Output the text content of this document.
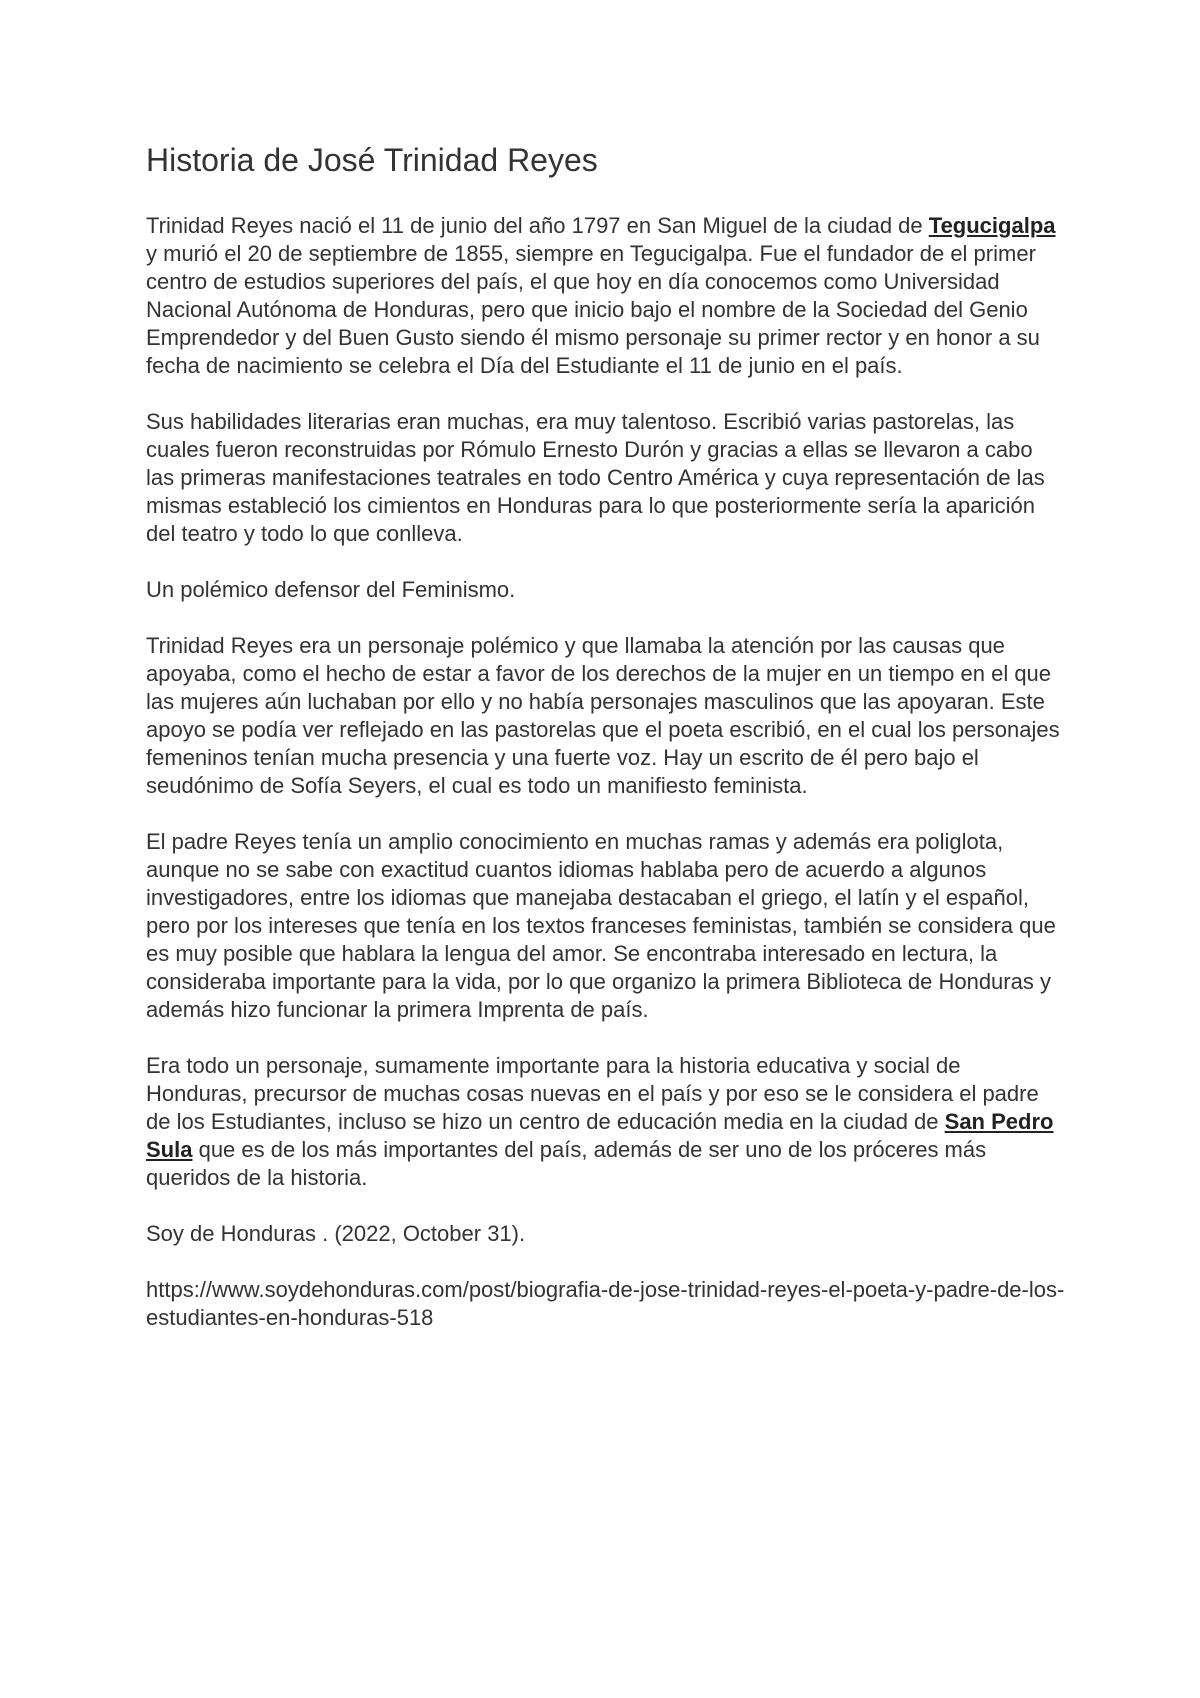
Historia de José Trinidad Reyes

Trinidad Reyes nació el 11 de junio del año 1797 en San Miguel de la ciudad de Tegucigalpa y murió el 20 de septiembre de 1855, siempre en Tegucigalpa. Fue el fundador de el primer centro de estudios superiores del país, el que hoy en día conocemos como Universidad Nacional Autónoma de Honduras, pero que inicio bajo el nombre de la Sociedad del Genio Emprendedor y del Buen Gusto siendo él mismo personaje su primer rector y en honor a su fecha de nacimiento se celebra el Día del Estudiante el 11 de junio en el país.

Sus habilidades literarias eran muchas, era muy talentoso. Escribió varias pastorelas, las cuales fueron reconstruidas por Rómulo Ernesto Durón y gracias a ellas se llevaron a cabo las primeras manifestaciones teatrales en todo Centro América y cuya representación de las mismas estableció los cimientos en Honduras para lo que posteriormente sería la aparición del teatro y todo lo que conlleva.

Un polémico defensor del Feminismo.

Trinidad Reyes era un personaje polémico y que llamaba la atención por las causas que apoyaba, como el hecho de estar a favor de los derechos de la mujer en un tiempo en el que las mujeres aún luchaban por ello y no había personajes masculinos que las apoyaran. Este apoyo se podía ver reflejado en las pastorelas que el poeta escribió, en el cual los personajes femeninos tenían mucha presencia y una fuerte voz. Hay un escrito de él pero bajo el seudónimo de Sofía Seyers, el cual es todo un manifiesto feminista.

El padre Reyes tenía un amplio conocimiento en muchas ramas y además era poliglota, aunque no se sabe con exactitud cuantos idiomas hablaba pero de acuerdo a algunos investigadores, entre los idiomas que manejaba destacaban el griego, el latín y el español, pero por los intereses que tenía en los textos franceses feministas, también se considera que es muy posible que hablara la lengua del amor. Se encontraba interesado en lectura, la consideraba importante para la vida, por lo que organizo la primera Biblioteca de Honduras y además hizo funcionar la primera Imprenta de país.

Era todo un personaje, sumamente importante para la historia educativa y social de Honduras, precursor de muchas cosas nuevas en el país y por eso se le considera el padre de los Estudiantes, incluso se hizo un centro de educación media en la ciudad de San Pedro Sula que es de los más importantes del país, además de ser uno de los próceres más queridos de la historia.

Soy de Honduras . (2022, October 31).

https://www.soydehonduras.com/post/biografia-de-jose-trinidad-reyes-el-poeta-y-padre-de-los-estudiantes-en-honduras-518
